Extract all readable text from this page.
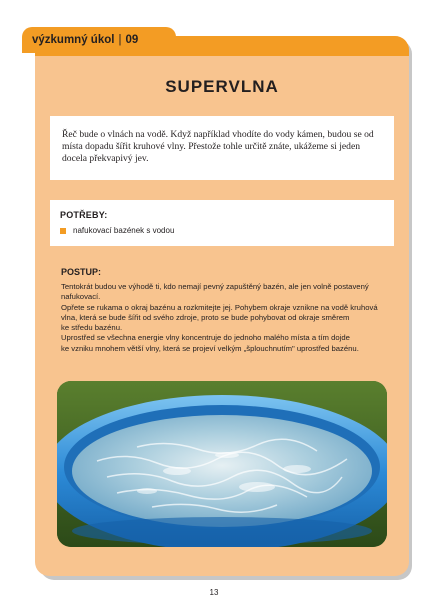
výzkumný úkol | 09
SUPERVLNA

Řeč bude o vlnách na vodě. Když například vhodíte do vody kámen, budou se od místa dopadu šířit kruhové vlny. Přestože tohle určitě znáte, ukážeme si jeden docela překvapivý jev.

POTŘEBY:
nafukovací bazének s vodou
POSTUP:
Tentokrát budou ve výhodě ti, kdo nemají pevný zapuštěný bazén, ale jen volně postavený
nafukovací.
Opřete se rukama o okraj bazénu a rozkmitejte jej. Pohybem okraje vznikne na vodě kruhová
vlna, která se bude šířit od svého zdroje, proto se bude pohybovat od okraje směrem
ke středu bazénu.
Uprostřed se všechna energie vlny koncentruje do jednoho malého místa a tím dojde
ke vzniku mnohem větší vlny, která se projeví velkým „šplouchnutím" uprostřed bazénu.
13
